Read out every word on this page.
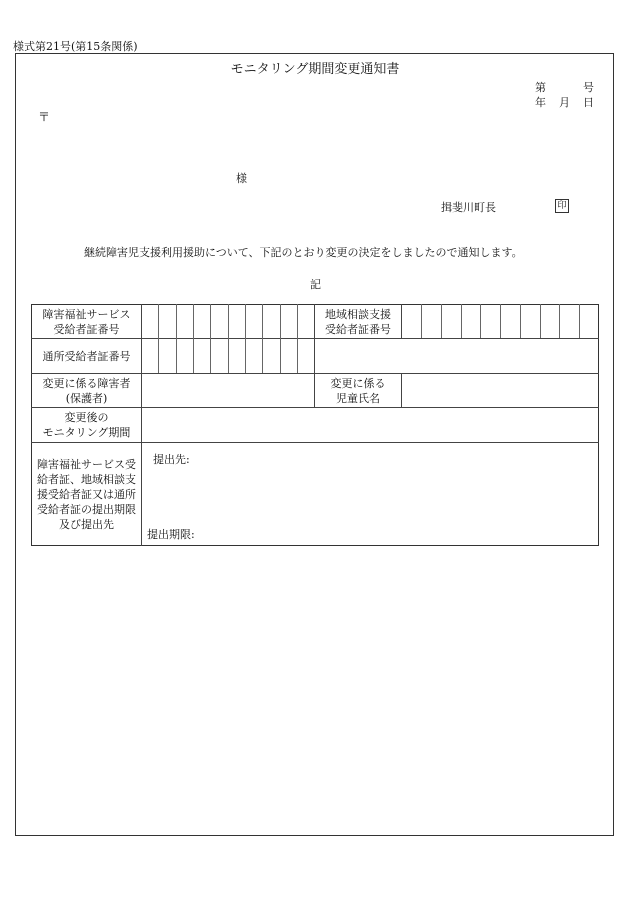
様式第21号(第15条関係)
モニタリング期間変更通知書
第	号
年 月 日
〒
様
揖斐川町長	印
継続障害児支援利用援助について、下記のとおり変更の決定をしましたので通知します。
記
障害福祉サービス
受給者証番号
地域相談支援
受給者証番号
通所受給者証番号
変更に係る障害者
(保護者)
変更に係る
児童氏名
変更後の
モニタリング期間
障害福祉サービス受
給者証、地域相談支
援受給者証又は通所
受給者証の提出期限
及び提出先
提出先:
提出期限:
